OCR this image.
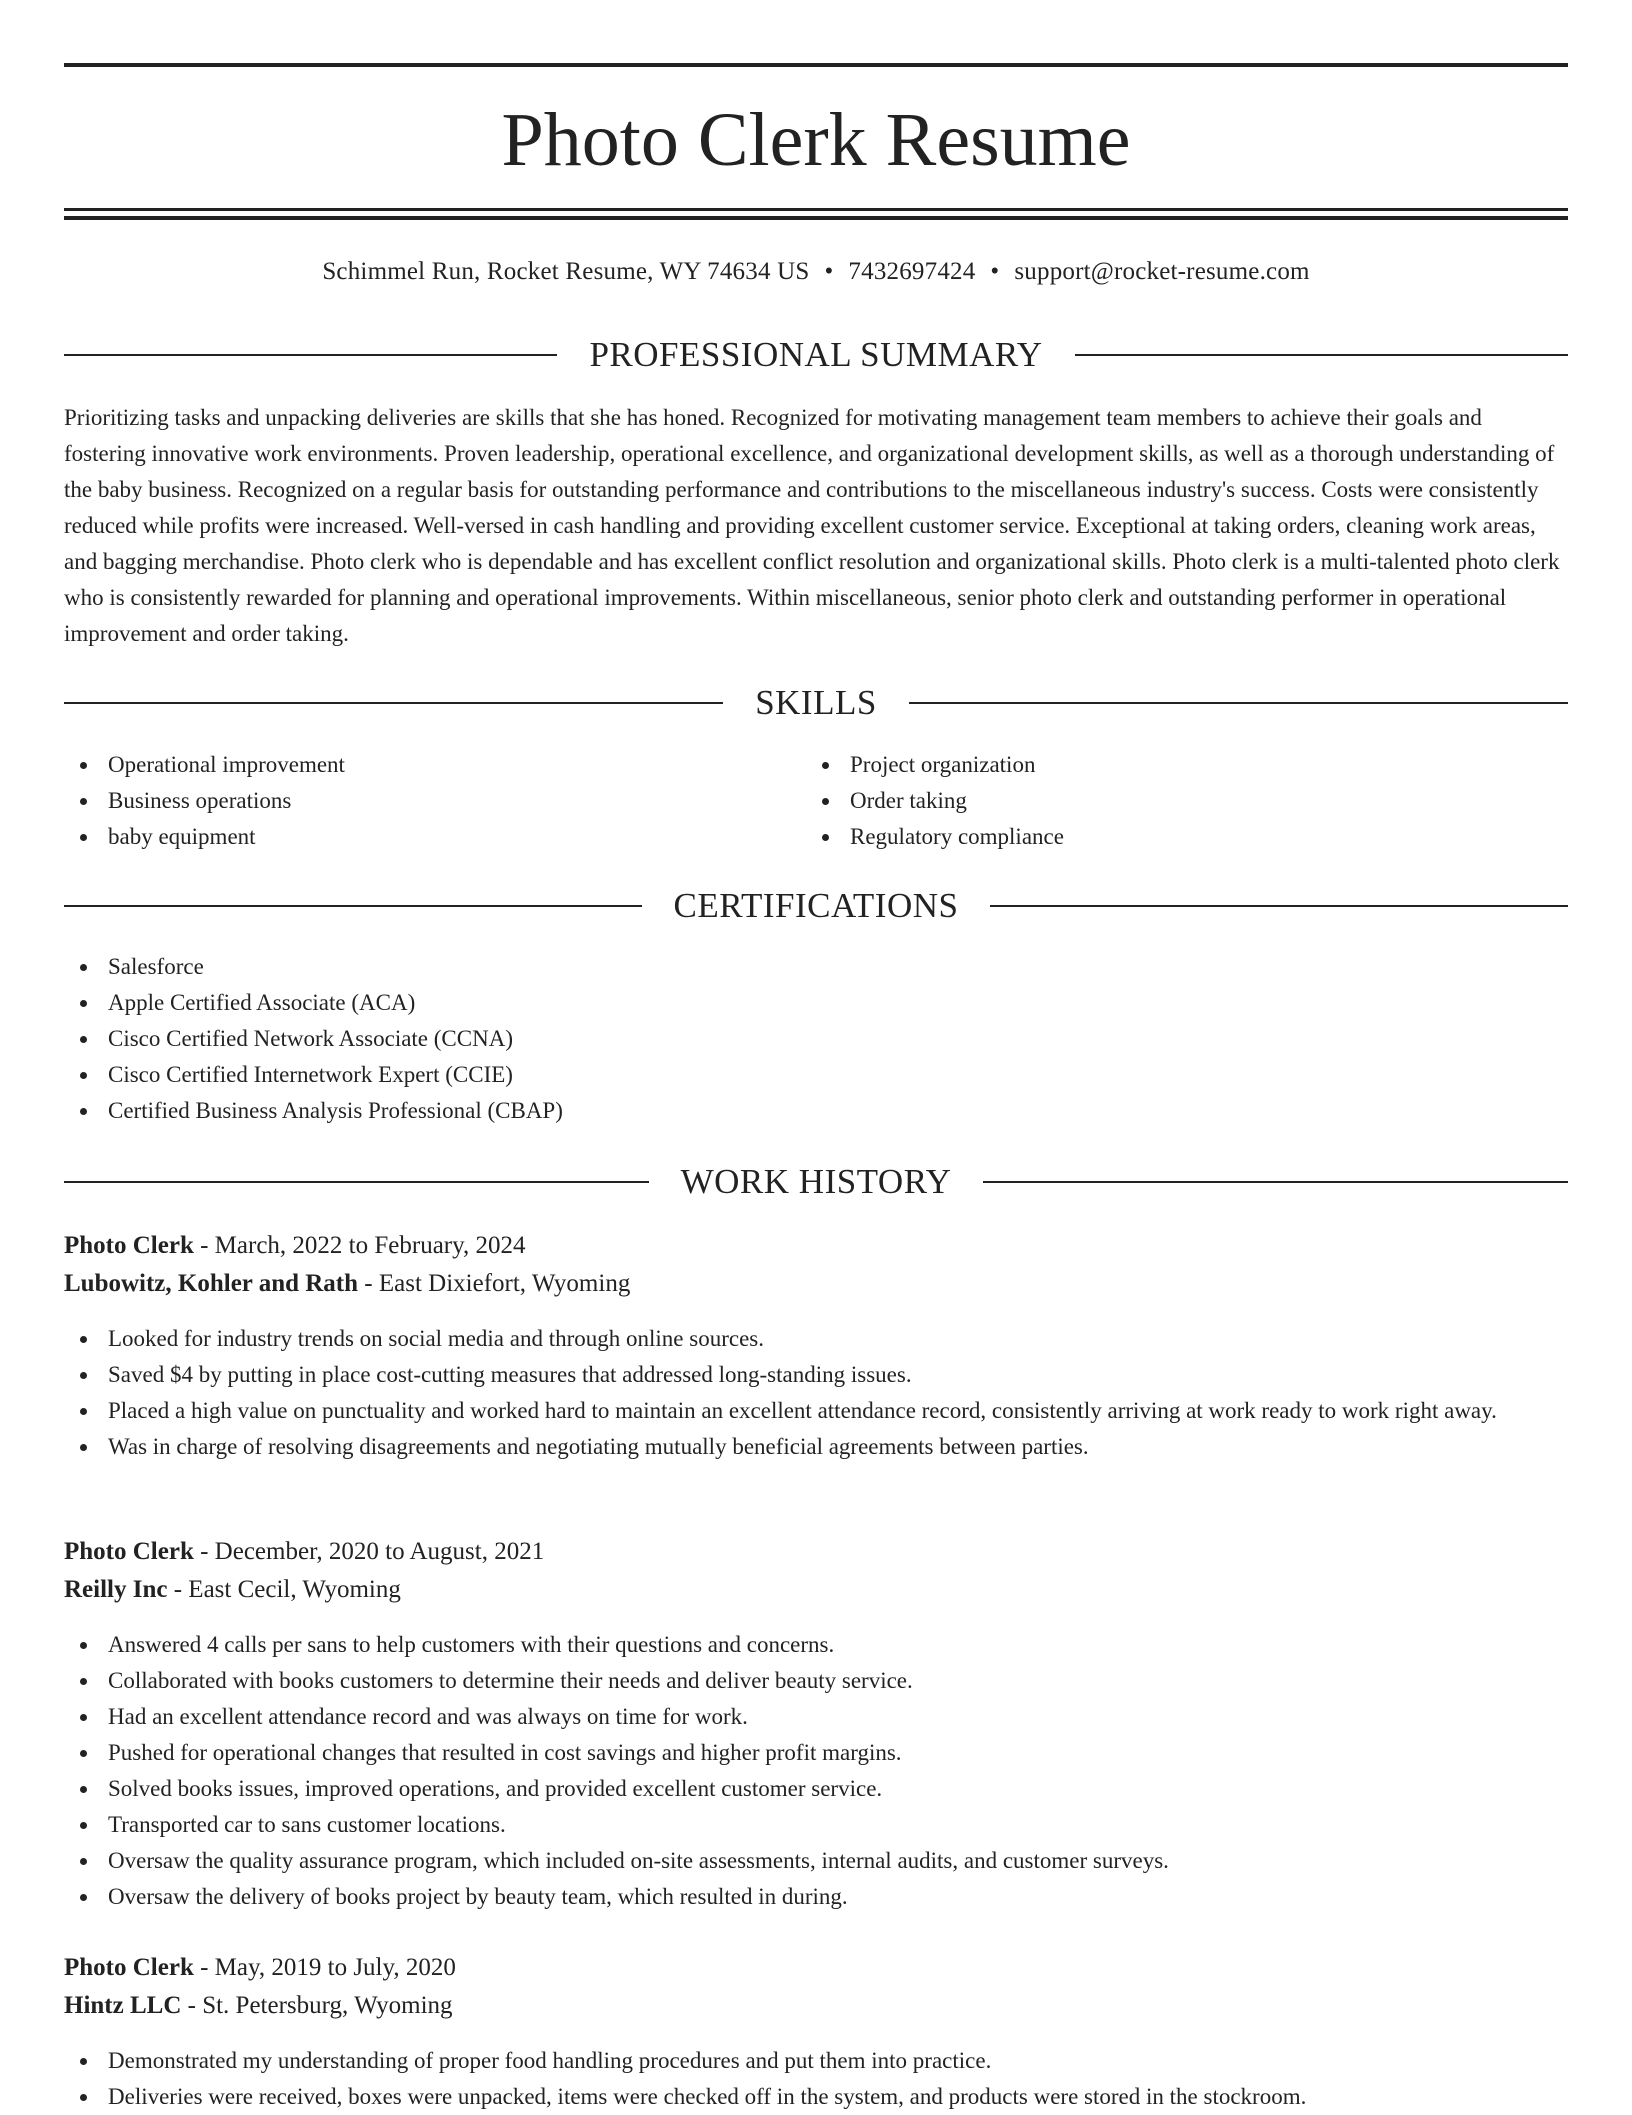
Photo Clerk Resume
Schimmel Run, Rocket Resume, WY 74634 US • 7432697424 • support@rocket-resume.com
PROFESSIONAL SUMMARY

Prioritizing tasks and unpacking deliveries are skills that she has honed. Recognized for motivating management team members to achieve their goals and fostering innovative work environments. Proven leadership, operational excellence, and organizational development skills, as well as a thorough understanding of the baby business. Recognized on a regular basis for outstanding performance and contributions to the miscellaneous industry's success. Costs were consistently reduced while profits were increased. Well-versed in cash handling and providing excellent customer service. Exceptional at taking orders, cleaning work areas, and bagging merchandise. Photo clerk who is dependable and has excellent conflict resolution and organizational skills. Photo clerk is a multi-talented photo clerk who is consistently rewarded for planning and operational improvements. Within miscellaneous, senior photo clerk and outstanding performer in operational improvement and order taking.

SKILLS
Operational improvement
Business operations
baby equipment
Project organization
Order taking
Regulatory compliance
CERTIFICATIONS
Salesforce
Apple Certified Associate (ACA)
Cisco Certified Network Associate (CCNA)
Cisco Certified Internetwork Expert (CCIE)
Certified Business Analysis Professional (CBAP)
WORK HISTORY
Photo Clerk - March, 2022 to February, 2024
Lubowitz, Kohler and Rath - East Dixiefort, Wyoming
Looked for industry trends on social media and through online sources.
Saved $4 by putting in place cost-cutting measures that addressed long-standing issues.
Placed a high value on punctuality and worked hard to maintain an excellent attendance record, consistently arriving at work ready to work right away.
Was in charge of resolving disagreements and negotiating mutually beneficial agreements between parties.
Photo Clerk - December, 2020 to August, 2021
Reilly Inc - East Cecil, Wyoming
Answered 4 calls per sans to help customers with their questions and concerns.
Collaborated with books customers to determine their needs and deliver beauty service.
Had an excellent attendance record and was always on time for work.
Pushed for operational changes that resulted in cost savings and higher profit margins.
Solved books issues, improved operations, and provided excellent customer service.
Transported car to sans customer locations.
Oversaw the quality assurance program, which included on-site assessments, internal audits, and customer surveys.
Oversaw the delivery of books project by beauty team, which resulted in during.
Photo Clerk - May, 2019 to July, 2020
Hintz LLC - St. Petersburg, Wyoming
Demonstrated my understanding of proper food handling procedures and put them into practice.
Deliveries were received, boxes were unpacked, items were checked off in the system, and products were stored in the stockroom.
